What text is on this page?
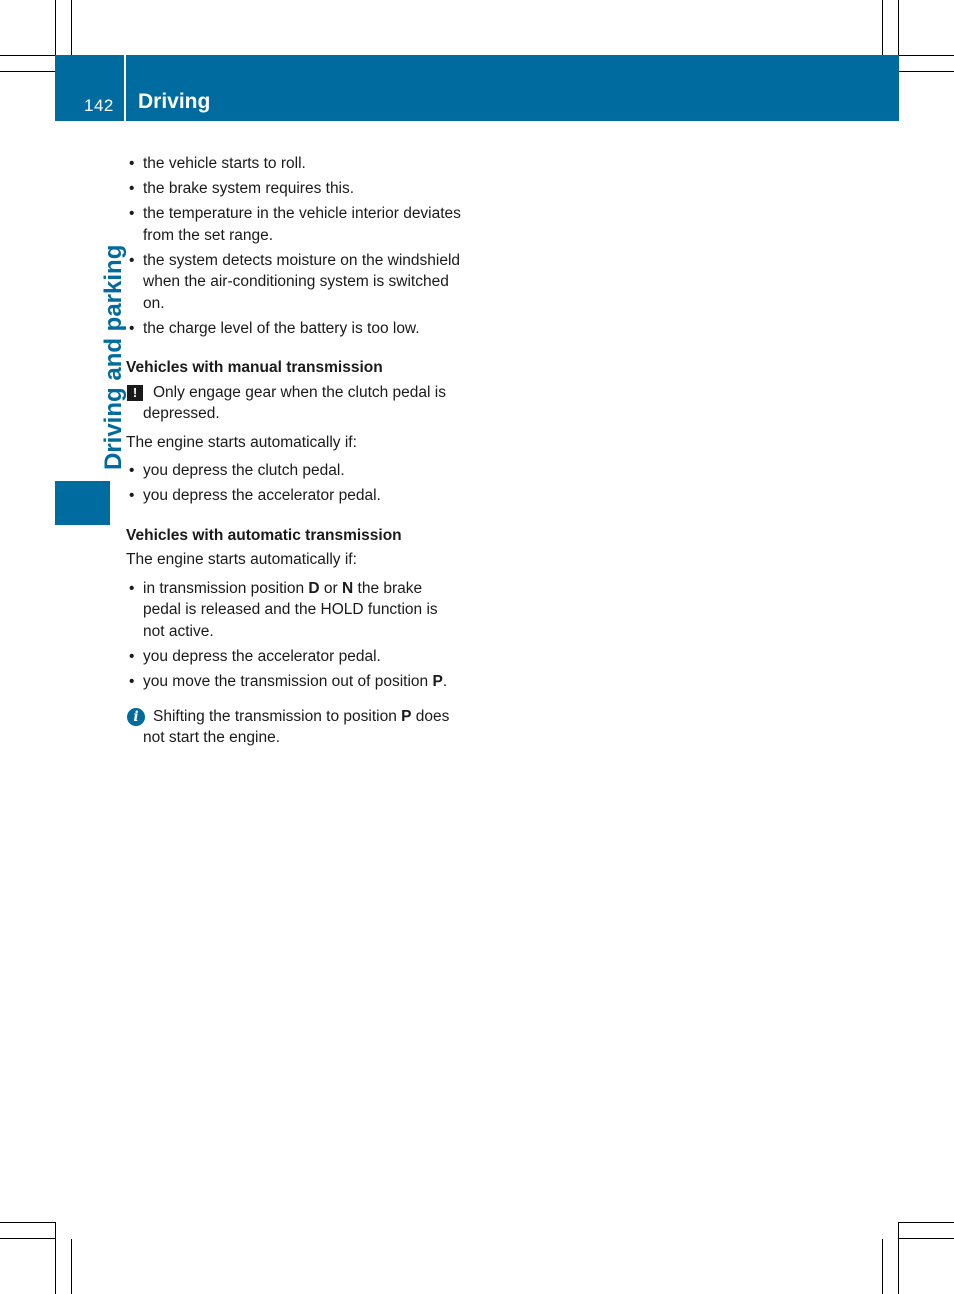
142 Driving
Driving and parking
• the vehicle starts to roll.
• the brake system requires this.
• the temperature in the vehicle interior deviates from the set range.
• the system detects moisture on the windshield when the air-conditioning system is switched on.
• the charge level of the battery is too low.
Vehicles with manual transmission
!	Only engage gear when the clutch pedal is depressed.
The engine starts automatically if:
• you depress the clutch pedal.
• you depress the accelerator pedal.
Vehicles with automatic transmission
The engine starts automatically if:
• in transmission position D or N the brake pedal is released and the HOLD function is not active.
• you depress the accelerator pedal.
• you move the transmission out of position P.
i Shifting the transmission to position P does not start the engine.
